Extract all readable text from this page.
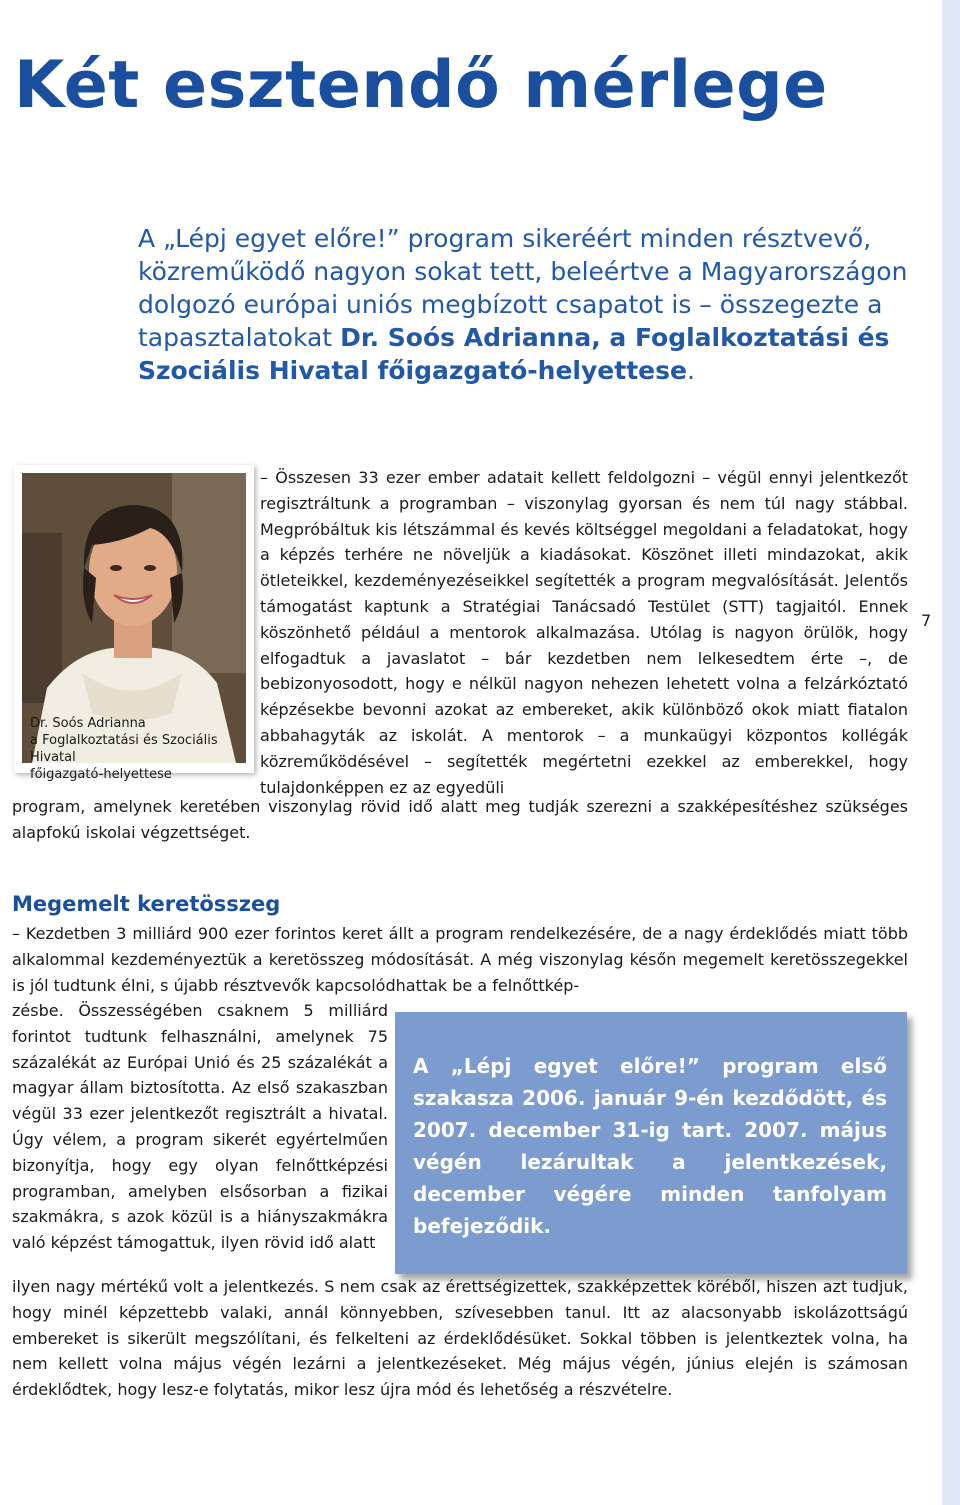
Két esztendő mérlege
A „Lépj egyet előre!” program sikeréért minden résztvevő, közreműködő nagyon sokat tett, beleértve a Magyarországon dolgozó európai uniós megbízott csapatot is – összegezte a tapasztalatokat Dr. Soós Adrianna, a Foglalkoztatási és Szociális Hivatal főigazgató-helyettese.
Dr. Soós Adrianna
a Foglalkoztatási és Szociális Hivatal
főigazgató-helyettese

– Összesen 33 ezer ember adatait kellett feldolgozni – végül ennyi jelentkezőt regisztráltunk a programban – viszonylag gyorsan és nem túl nagy stábbal. Megpróbáltuk kis létszámmal és kevés költséggel megoldani a feladatokat, hogy a képzés terhére ne növeljük a kiadásokat. Köszönet illeti mindazokat, akik ötleteikkel, kezdeményezéseikkel segítették a program megvalósítását. Jelentős támogatást kaptunk a Stratégiai Tanácsadó Testület (STT) tagjaitól. Ennek köszönhető például a mentorok alkalmazása. Utólag is nagyon örülök, hogy elfogadtuk a javaslatot – bár kezdetben nem lelkesedtem érte –, de bebizonyosodott, hogy e nélkül nagyon nehezen lehetett volna a felzárkóztató képzésekbe bevonni azokat az embereket, akik különböző okok miatt fiatalon abbahagyták az iskolát. A mentorok – a munkaügyi központos kollégák közreműködésével – segítették megértetni ezekkel az emberekkel, hogy tulajdonképpen ez az egyedüli

program, amelynek keretében viszonylag rövid idő alatt meg tudják szerezni a szakképesítéshez szükséges alapfokú iskolai végzettséget.

Megemelt keretösszeg

– Kezdetben 3 milliárd 900 ezer forintos keret állt a program rendelkezésére, de a nagy érdeklődés miatt több alkalommal kezdeményeztük a keretösszeg módosítását. A még viszonylag későn megemelt keretösszegekkel is jól tudtunk élni, s újabb résztvevők kapcsolódhattak be a felnőttkép-

zésbe. Összességében csaknem 5 milliárd forintot tudtunk felhasználni, amelynek 75 százalékát az Európai Unió és 25 százalékát a magyar állam biztosította. Az első szakaszban végül 33 ezer jelentkezőt regisztrált a hivatal. Úgy vélem, a program sikerét egyértelműen bizonyítja, hogy egy olyan felnőttképzési programban, amelyben elsősorban a fizikai szakmákra, s azok közül is a hiányszakmákra való képzést támogattuk, ilyen rövid idő alatt

A „Lépj egyet előre!” program első szakasza 2006. január 9-én kezdődött, és 2007. december 31-ig tart. 2007. május végén lezárultak a jelentkezések, december végére minden tanfolyam befejeződik.

ilyen nagy mértékű volt a jelentkezés. S nem csak az érettségizettek, szakképzettek köréből, hiszen azt tudjuk, hogy minél képzettebb valaki, annál könnyebben, szívesebben tanul. Itt az alacsonyabb iskolázottságú embereket is sikerült megszólítani, és felkelteni az érdeklődésüket. Sokkal többen is jelentkeztek volna, ha nem kellett volna május végén lezárni a jelentkezéseket. Még május végén, június elején is számosan érdeklődtek, hogy lesz-e folytatás, mikor lesz újra mód és lehetőség a részvételre.

7
